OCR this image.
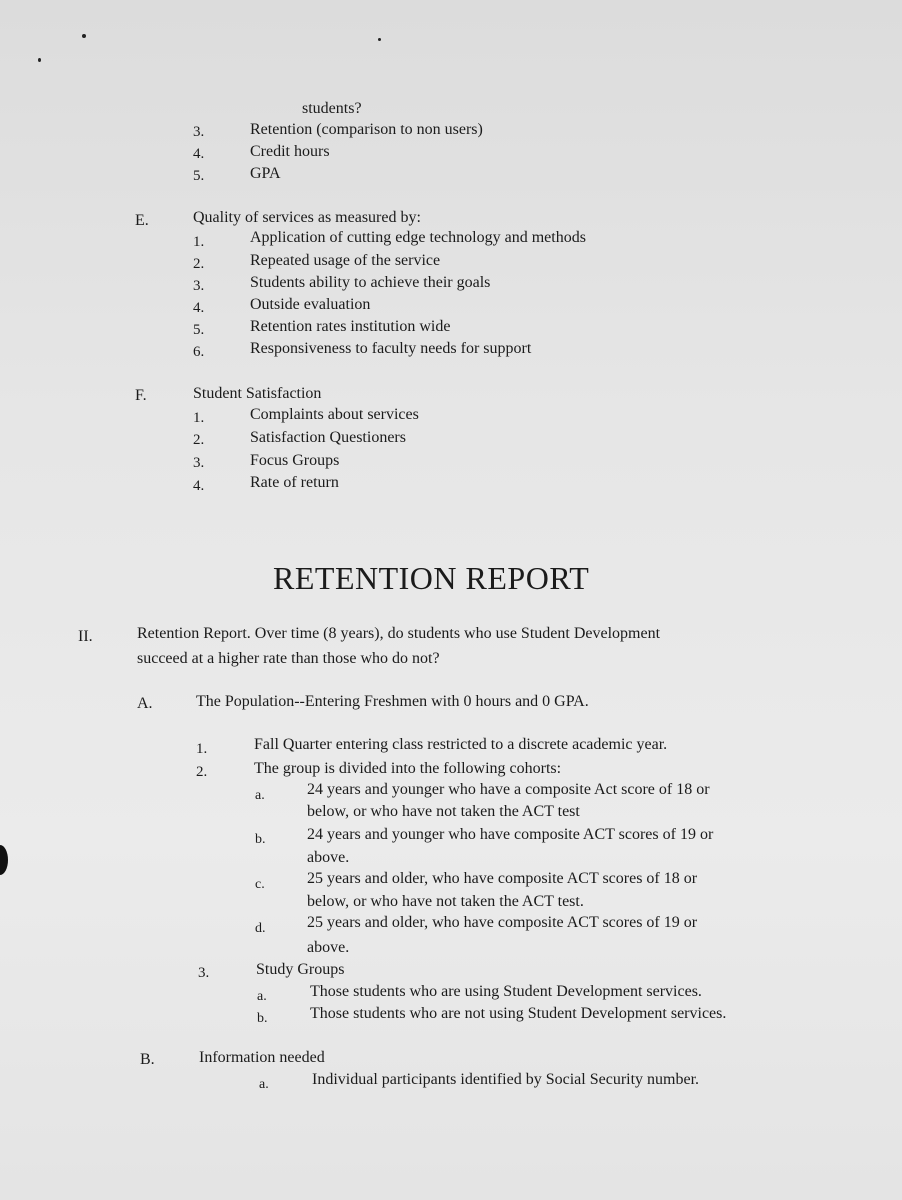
students?
3.	Retention (comparison to non users)
4.	Credit hours
5.	GPA
E.	Quality of services as measured by:
1.	Application of cutting edge technology and methods
2.	Repeated usage of the service
3.	Students ability to achieve their goals
4.	Outside evaluation
5.	Retention rates institution wide
6.	Responsiveness to faculty needs for support
F.	Student Satisfaction
1.	Complaints about services
2.	Satisfaction Questioners
3.	Focus Groups
4.	Rate of return
RETENTION REPORT
II.	Retention Report. Over time (8 years), do students who use Student Development
succeed at a higher rate than those who do not?
A.	The Population--Entering Freshmen with 0 hours and 0 GPA.
1.	Fall Quarter entering class restricted to a discrete academic year.
2.	The group is divided into the following cohorts:
a.	24 years and younger who have a composite Act score of 18 or
below, or who have not taken the ACT test
b.	24 years and younger who have composite ACT scores of 19 or
above.
c.	25 years and older, who have composite ACT scores of 18 or
below, or who have not taken the ACT test.
d.	25 years and older, who have composite ACT scores of 19 or
above.
3.	Study Groups
a.	Those students who are using Student Development services.
b.	Those students who are not using Student Development services.
B.	Information needed
a.	Individual participants identified by Social Security number.
